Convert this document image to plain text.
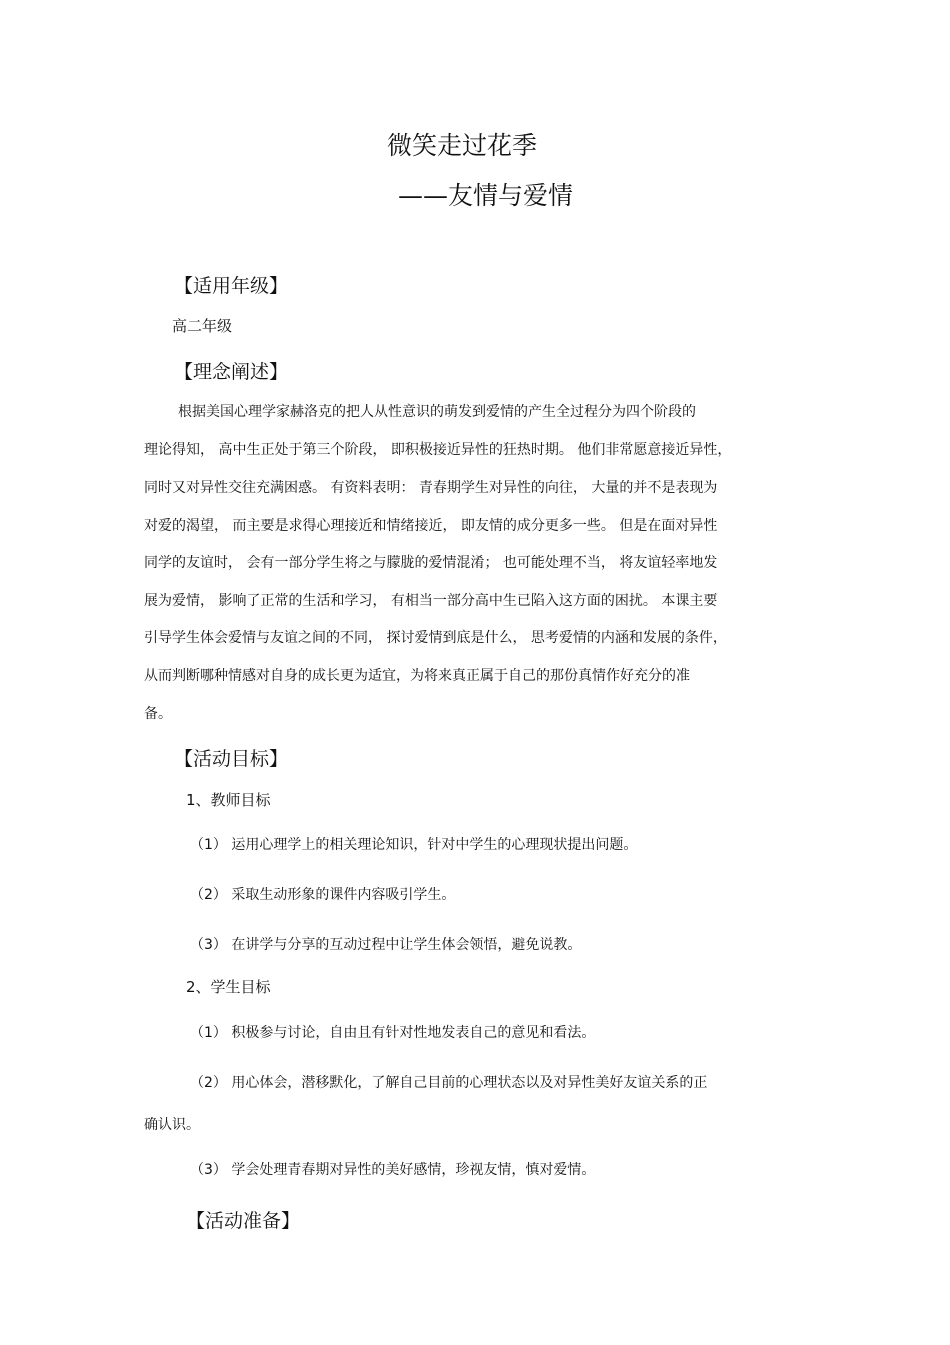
微笑走过花季
——友情与爱情
【适用年级】
高二年级
【理念阐述】
根据美国心理学家赫洛克的把人从性意识的萌发到爱情的产生全过程分为四个阶段的
理论得知， 高中生正处于第三个阶段， 即积极接近异性的狂热时期。 他们非常愿意接近异性，
同时又对异性交往充满困惑。 有资料表明： 青春期学生对异性的向往， 大量的并不是表现为
对爱的渴望， 而主要是求得心理接近和情绪接近， 即友情的成分更多一些。 但是在面对异性
同学的友谊时， 会有一部分学生将之与朦胧的爱情混淆； 也可能处理不当， 将友谊轻率地发
展为爱情， 影响了正常的生活和学习， 有相当一部分高中生已陷入这方面的困扰。 本课主要
引导学生体会爱情与友谊之间的不同， 探讨爱情到底是什么， 思考爱情的内涵和发展的条件，
从而判断哪种情感对自身的成长更为适宜，为将来真正属于自己的那份真情作好充分的准
备。
【活动目标】
1、教师目标
（1） 运用心理学上的相关理论知识，针对中学生的心理现状提出问题。
（2） 采取生动形象的课件内容吸引学生。
（3） 在讲学与分享的互动过程中让学生体会领悟，避免说教。
2、学生目标
（1） 积极参与讨论，自由且有针对性地发表自己的意见和看法。
（2） 用心体会，潜移默化，了解自己目前的心理状态以及对异性美好友谊关系的正
确认识。
（3） 学会处理青春期对异性的美好感情，珍视友情，慎对爱情。
【活动准备】
